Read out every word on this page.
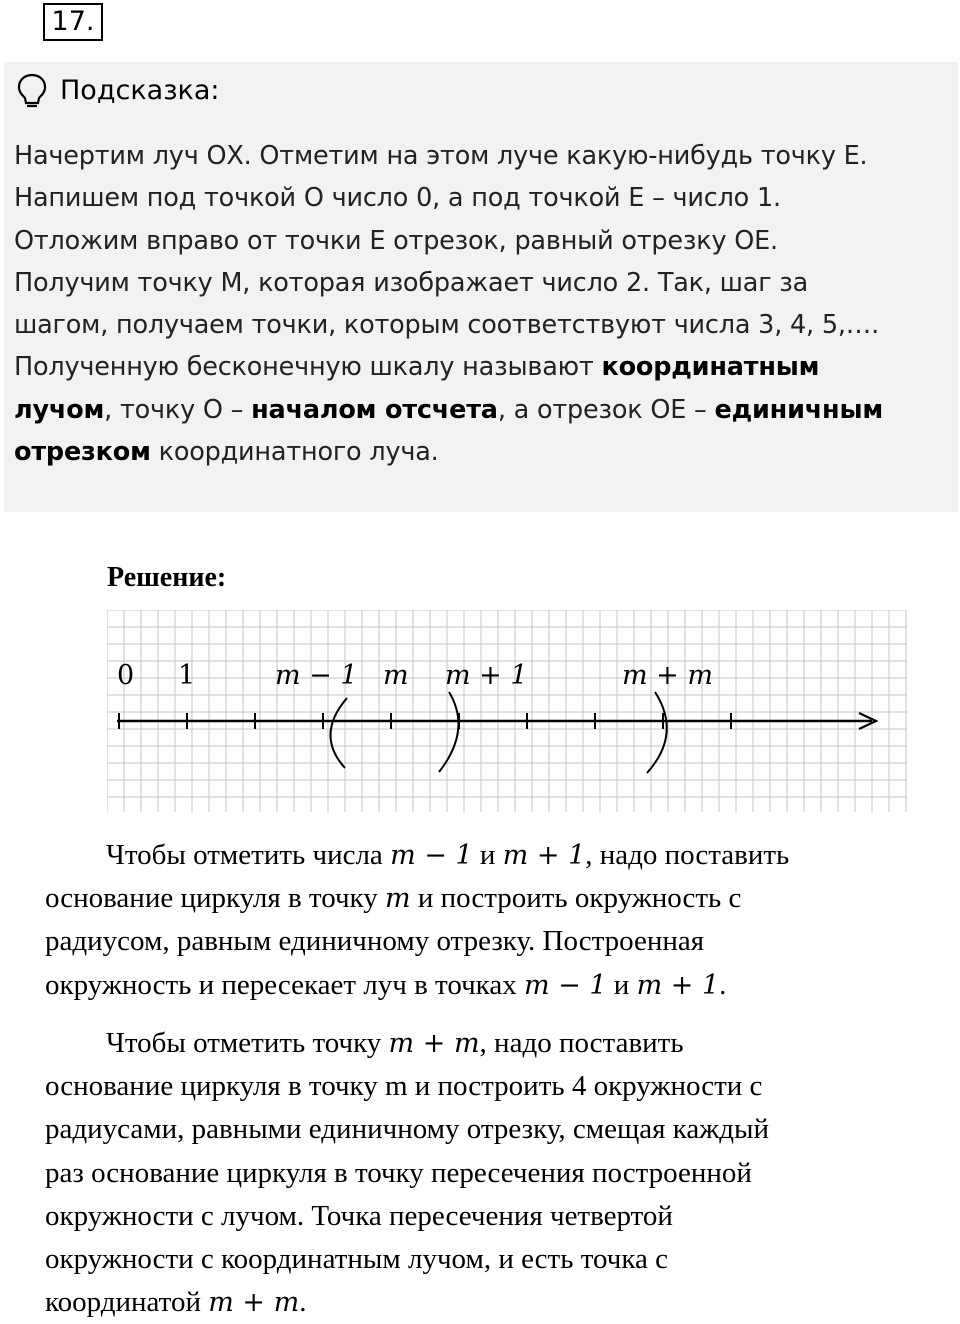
17.
Подсказка:
Начертим луч ОХ. Отметим на этом луче какую-нибудь точку Е.
Напишем под точкой О число 0, а под точкой Е – число 1.
Отложим вправо от точки Е отрезок, равный отрезку ОЕ.
Получим точку М, которая изображает число 2. Так, шаг за
шагом, получаем точки, которым соответствуют числа 3, 4, 5,….
Полученную бесконечную шкалу называют координатным
лучом, точку О – началом отсчета, а отрезок ОЕ – единичным
отрезком координатного луча.
Решение:
0 1	m − 1 m m + 1	m + m
Чтобы отметить числа m − 1 и m + 1, надо поставить
основание циркуля в точку m и построить окружность с
радиусом, равным единичному отрезку. Построенная
окружность и пересекает луч в точках m − 1 и m + 1.
Чтобы отметить точку m + m, надо поставить
основание циркуля в точку m и построить 4 окружности с
радиусами, равными единичному отрезку, смещая каждый
раз основание циркуля в точку пересечения построенной
окружности с лучом. Точка пересечения четвертой
окружности с координатным лучом, и есть точка с
координатой m + m.
